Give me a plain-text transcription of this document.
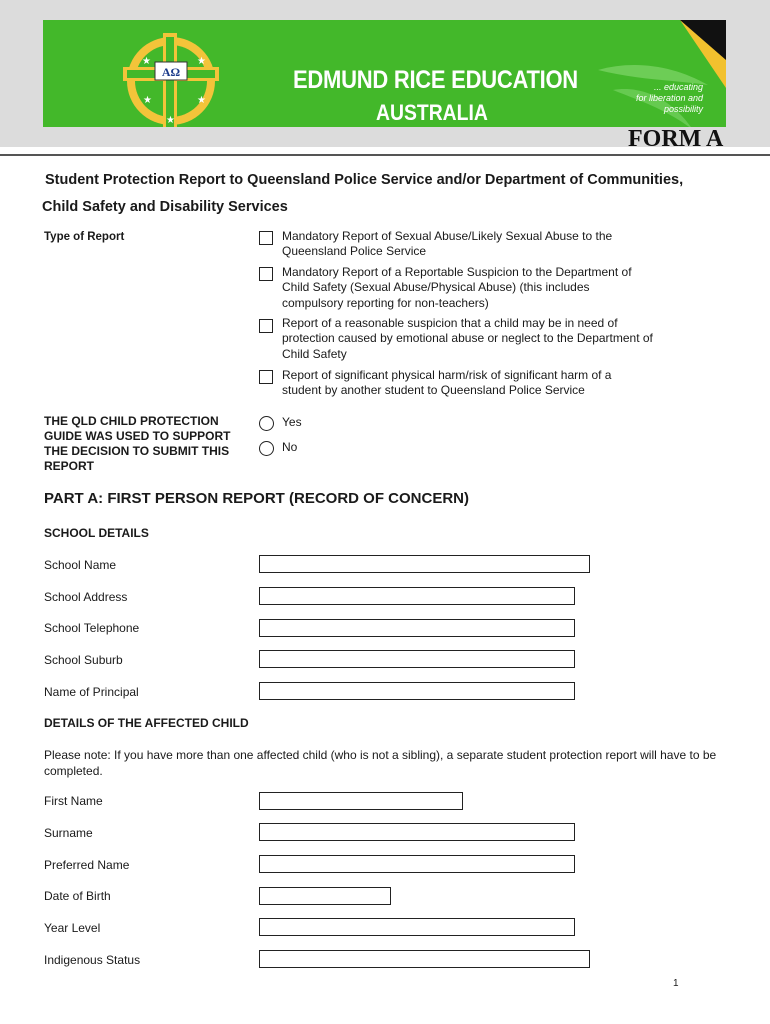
AΩ
★	★
★	★
★
EDMUND RICE EDUCATION
AUSTRALIA
... educating
for liberation and possibility
FORM A
Student Protection Report to Queensland Police Service and/or Department of Communities,
Child Safety and Disability Services
Type of Report	Mandatory Report of Sexual Abuse/Likely Sexual Abuse to the Queensland Police Service
Mandatory Report of a Reportable Suspicion to the Department of Child Safety (Sexual Abuse/Physical Abuse) (this includes compulsory reporting for non-teachers)
Report of a reasonable suspicion that a child may be in need of protection caused by emotional abuse or neglect to the Department of Child Safety
Report of significant physical harm/risk of significant harm of a student by another student to Queensland Police Service
THE QLD CHILD PROTECTION GUIDE WAS USED TO SUPPORT THE DECISION TO SUBMIT THIS REPORT
Yes
No
PART A: FIRST PERSON REPORT (RECORD OF CONCERN)
SCHOOL DETAILS
School Name
School Address
School Telephone
School Suburb
Name of Principal
DETAILS OF THE AFFECTED CHILD
Please note: If you have more than one affected child (who is not a sibling), a separate student protection report will have to be completed.
First Name
Surname
Preferred Name
Date of Birth
Year Level
Indigenous Status
1
